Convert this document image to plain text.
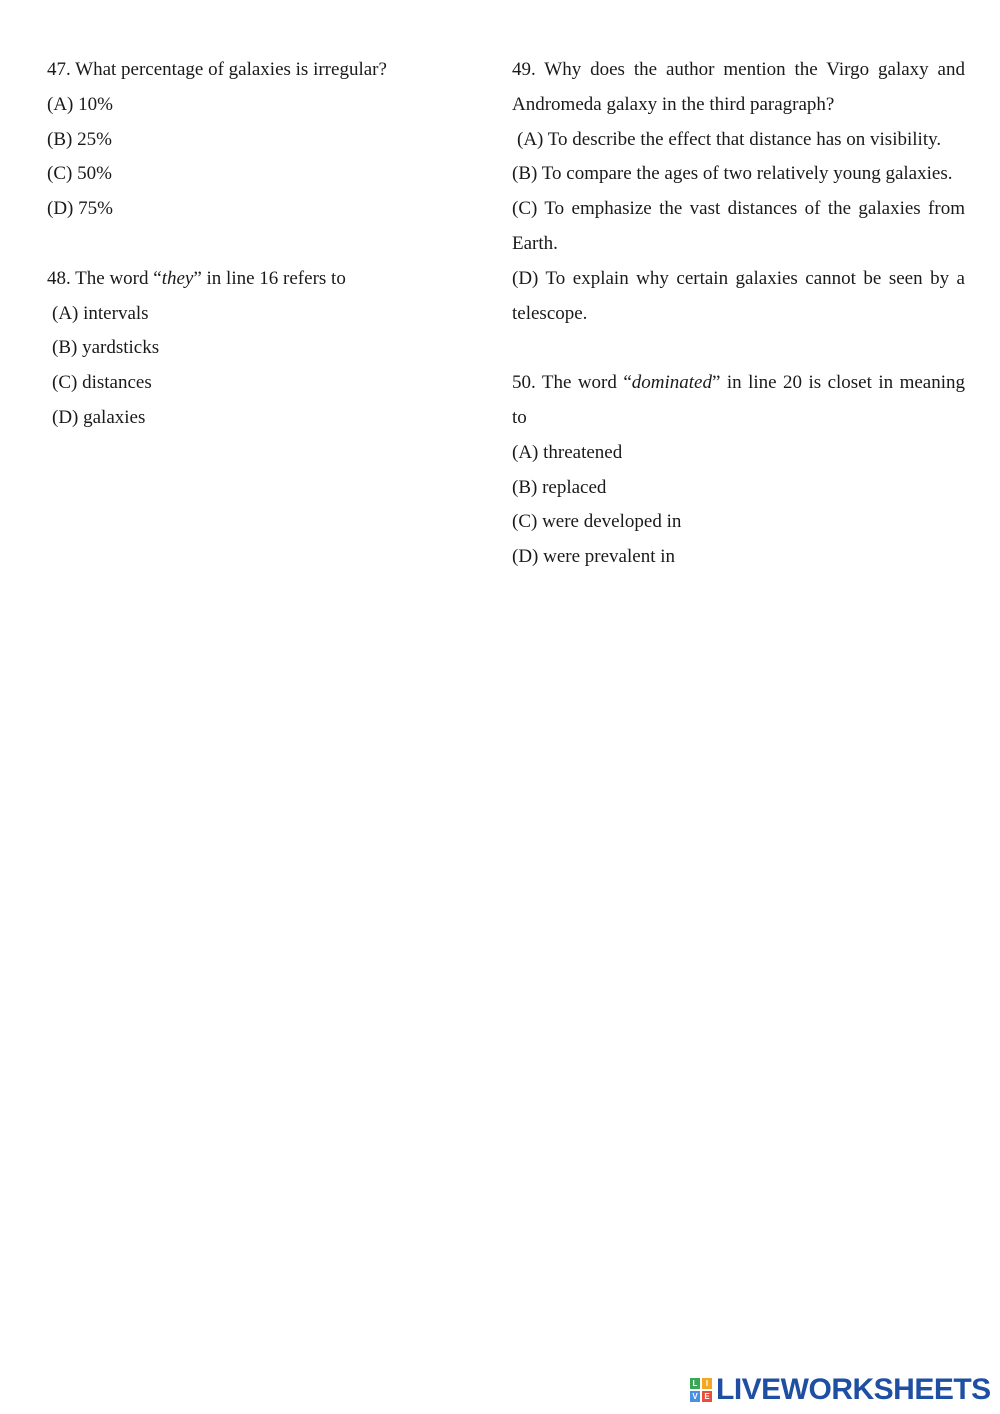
47. What percentage of galaxies is irregular?

(A) 10%

(B) 25%

(C) 50%

(D) 75%

48. The word “they” in line 16 refers to

(A) intervals

(B) yardsticks

(C) distances

(D) galaxies

49. Why does the author mention the Virgo galaxy and Andromeda galaxy in the third paragraph?

(A) To describe the effect that distance has on visibility.

(B) To compare the ages of two relatively young galaxies.

(C) To emphasize the vast distances of the galaxies from Earth.

(D) To explain why certain galaxies cannot be seen by a telescope.

50. The word “dominated” in line 20 is closet in meaning to

(A) threatened

(B) replaced

(C) were developed in

(D) were prevalent in

L	I
V E LIVEWORKSHEETS
